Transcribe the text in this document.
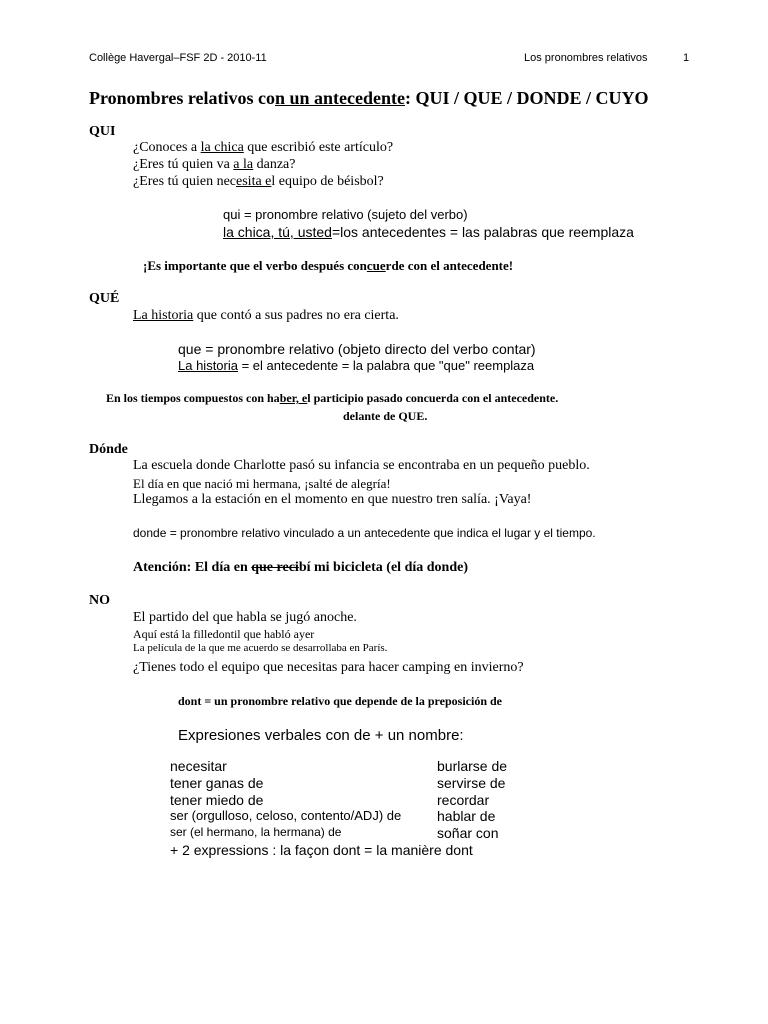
Collège Havergal–FSF 2D - 2010-11	Los pronombres relativos	1
Pronombres relativos con un antecedente: QUI / QUE / DONDE / CUYO
QUI
¿Conoces a la chica que escribió este artículo?
¿Eres tú quien va a la danza?
¿Eres tú quien necesita el equipo de béisbol?
qui = pronombre relativo (sujeto del verbo)
la chica, tú, usted=los antecedentes = las palabras que reemplaza
¡Es importante que el verbo después concuerde con el antecedente!
QUÉ
La historia que contó a sus padres no era cierta.
que = pronombre relativo (objeto directo del verbo contar)
La historia = el antecedente = la palabra que "que" reemplaza
En los tiempos compuestos con haber, el participio pasado concuerda con el antecedente.
delante de QUE.
Dónde
La escuela donde Charlotte pasó su infancia se encontraba en un pequeño pueblo.
El día en que nació mi hermana, ¡salté de alegría!
Llegamos a la estación en el momento en que nuestro tren salía. ¡Vaya!
donde = pronombre relativo vinculado a un antecedente que indica el lugar y el tiempo.
Atención: El día en que recibí mi bicicleta (el día donde)
NO
El partido del que habla se jugó anoche.
Aquí está la filledontil que habló ayer
La película de la que me acuerdo se desarrollaba en París.
¿Tienes todo el equipo que necesitas para hacer camping en invierno?
dont = un pronombre relativo que depende de la preposición de
Expresiones verbales con de + un nombre:
necesitar
tener ganas de
tener miedo de
ser (orgulloso, celoso, contento/ADJ) de
ser (el hermano, la hermana) de
burlarse de
servirse de
recordar
hablar de
soñar con
+ 2 expressions : la façon dont = la manière dont
